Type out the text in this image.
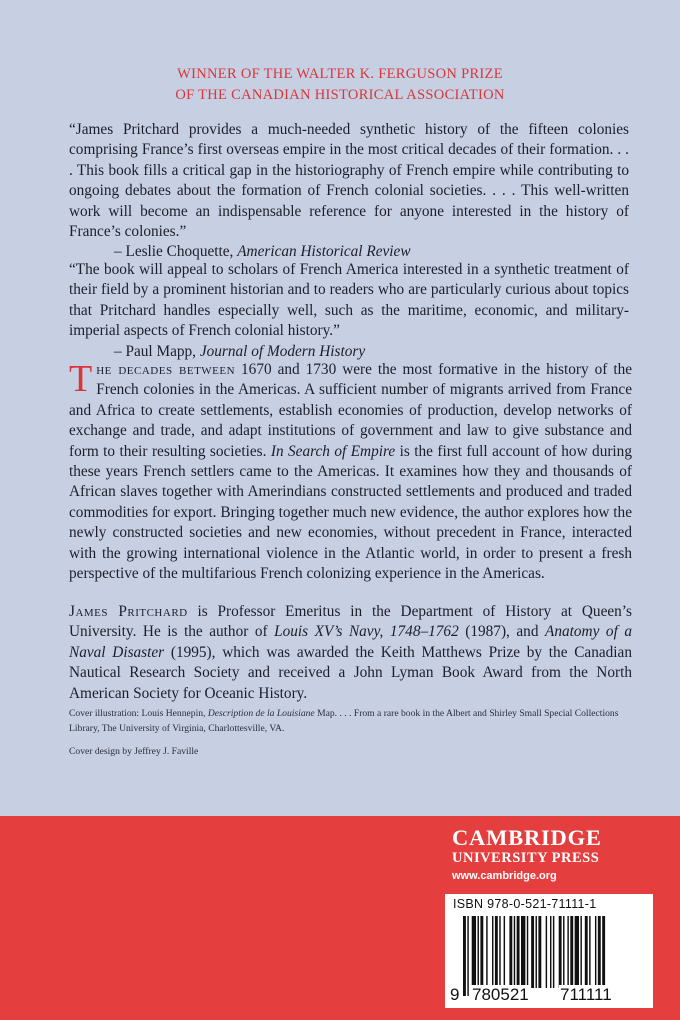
WINNER OF THE WALTER K. FERGUSON PRIZE
OF THE CANADIAN HISTORICAL ASSOCIATION

“James Pritchard provides a much-needed synthetic history of the fifteen colonies comprising France’s first overseas empire in the most critical decades of their formation. . . . This book fills a critical gap in the historiography of French empire while contributing to ongoing debates about the formation of French colonial societies. . . . This well-written work will become an indispensable reference for anyone interested in the history of France’s colonies.”

– Leslie Choquette, American Historical Review

“The book will appeal to scholars of French America interested in a synthetic treatment of their field by a prominent historian and to readers who are particularly curious about topics that Pritchard handles especially well, such as the maritime, economic, and military-imperial aspects of French colonial history.”

– Paul Mapp, Journal of Modern History
The decades between 1670 and 1730 were the most formative in the history of the French colonies in the Americas. A sufficient number of migrants arrived from France and Africa to create settlements, establish economies of production, develop networks of exchange and trade, and adapt institutions of government and law to give substance and form to their resulting societies. In Search of Empire is the first full account of how during these years French settlers came to the Americas. It examines how they and thousands of African slaves together with Amerindians constructed settlements and produced and traded commodities for export. Bringing together much new evidence, the author explores how the newly constructed societies and new economies, without precedent in France, interacted with the growing international violence in the Atlantic world, in order to present a fresh perspective of the multifarious French colonizing experience in the Americas.
James Pritchard is Professor Emeritus in the Department of History at Queen’s University. He is the author of Louis XV’s Navy, 1748–1762 (1987), and Anatomy of a Naval Disaster (1995), which was awarded the Keith Matthews Prize by the Canadian Nautical Research Society and received a John Lyman Book Award from the North American Society for Oceanic History.

Cover illustration: Louis Hennepin, Description de la Louisiane Map. . . . From a rare book in the Albert and Shirley Small Special Collections Library, The University of Virginia, Charlottesville, VA.

Cover design by Jeffrey J. Faville

CAMBRIDGE
UNIVERSITY PRESS
www.cambridge.org
ISBN 978-0-521-71111-1
9 780521 711111
